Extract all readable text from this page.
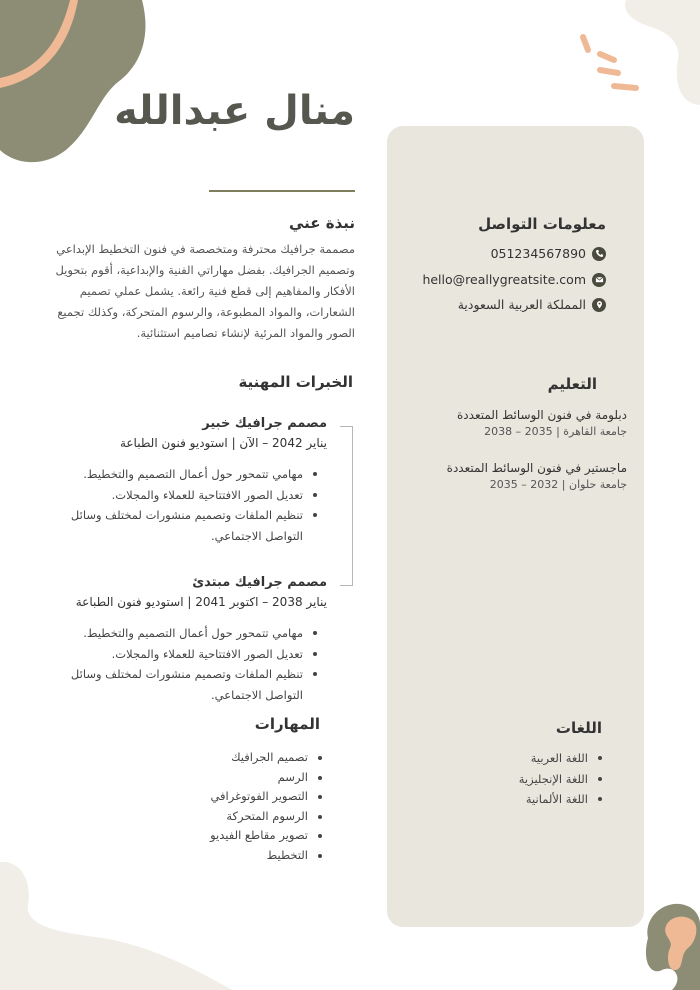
منال عبدالله
نبذة عني
مصممة جرافيك محترفة ومتخصصة في فنون التخطيط الإبداعي
وتصميم الجرافيك. بفضل مهاراتي الفنية والإبداعية، أقوم بتحويل
الأفكار والمفاهيم إلى قطع فنية رائعة. يشمل عملي تصميم
الشعارات، والمواد المطبوعة، والرسوم المتحركة، وكذلك تجميع
الصور والمواد المرئية لإنشاء تصاميم استثنائية.
معلومات التواصل
051234567890
hello@reallygreatsite.com
المملكة العربية السعودية
التعليم
دبلومة في فنون الوسائط المتعددة
جامعة القاهرة | 2035 – 2038
ماجستير في فنون الوسائط المتعددة
جامعة حلوان | 2032 – 2035
الخبرات المهنية
مصمم جرافيك خبير
يناير 2042 – الآن | استوديو فنون الطباعة
مهامي تتمحور حول أعمال التصميم والتخطيط.
تعديل الصور الافتتاحية للعملاء والمجلات.
تنظيم الملفات وتصميم منشورات لمختلف وسائل التواصل الاجتماعي.
مصمم جرافيك مبتدئ
يناير 2038 – اكتوبر 2041 | استوديو فنون الطباعة
مهامي تتمحور حول أعمال التصميم والتخطيط.
تعديل الصور الافتتاحية للعملاء والمجلات.
تنظيم الملفات وتصميم منشورات لمختلف وسائل التواصل الاجتماعي.
المهارات
تصميم الجرافيك
الرسم
التصوير الفوتوغرافي
الرسوم المتحركة
تصوير مقاطع الفيديو
التخطيط
اللغات
اللغة العربية
اللغة الإنجليزية
اللغة الألمانية
